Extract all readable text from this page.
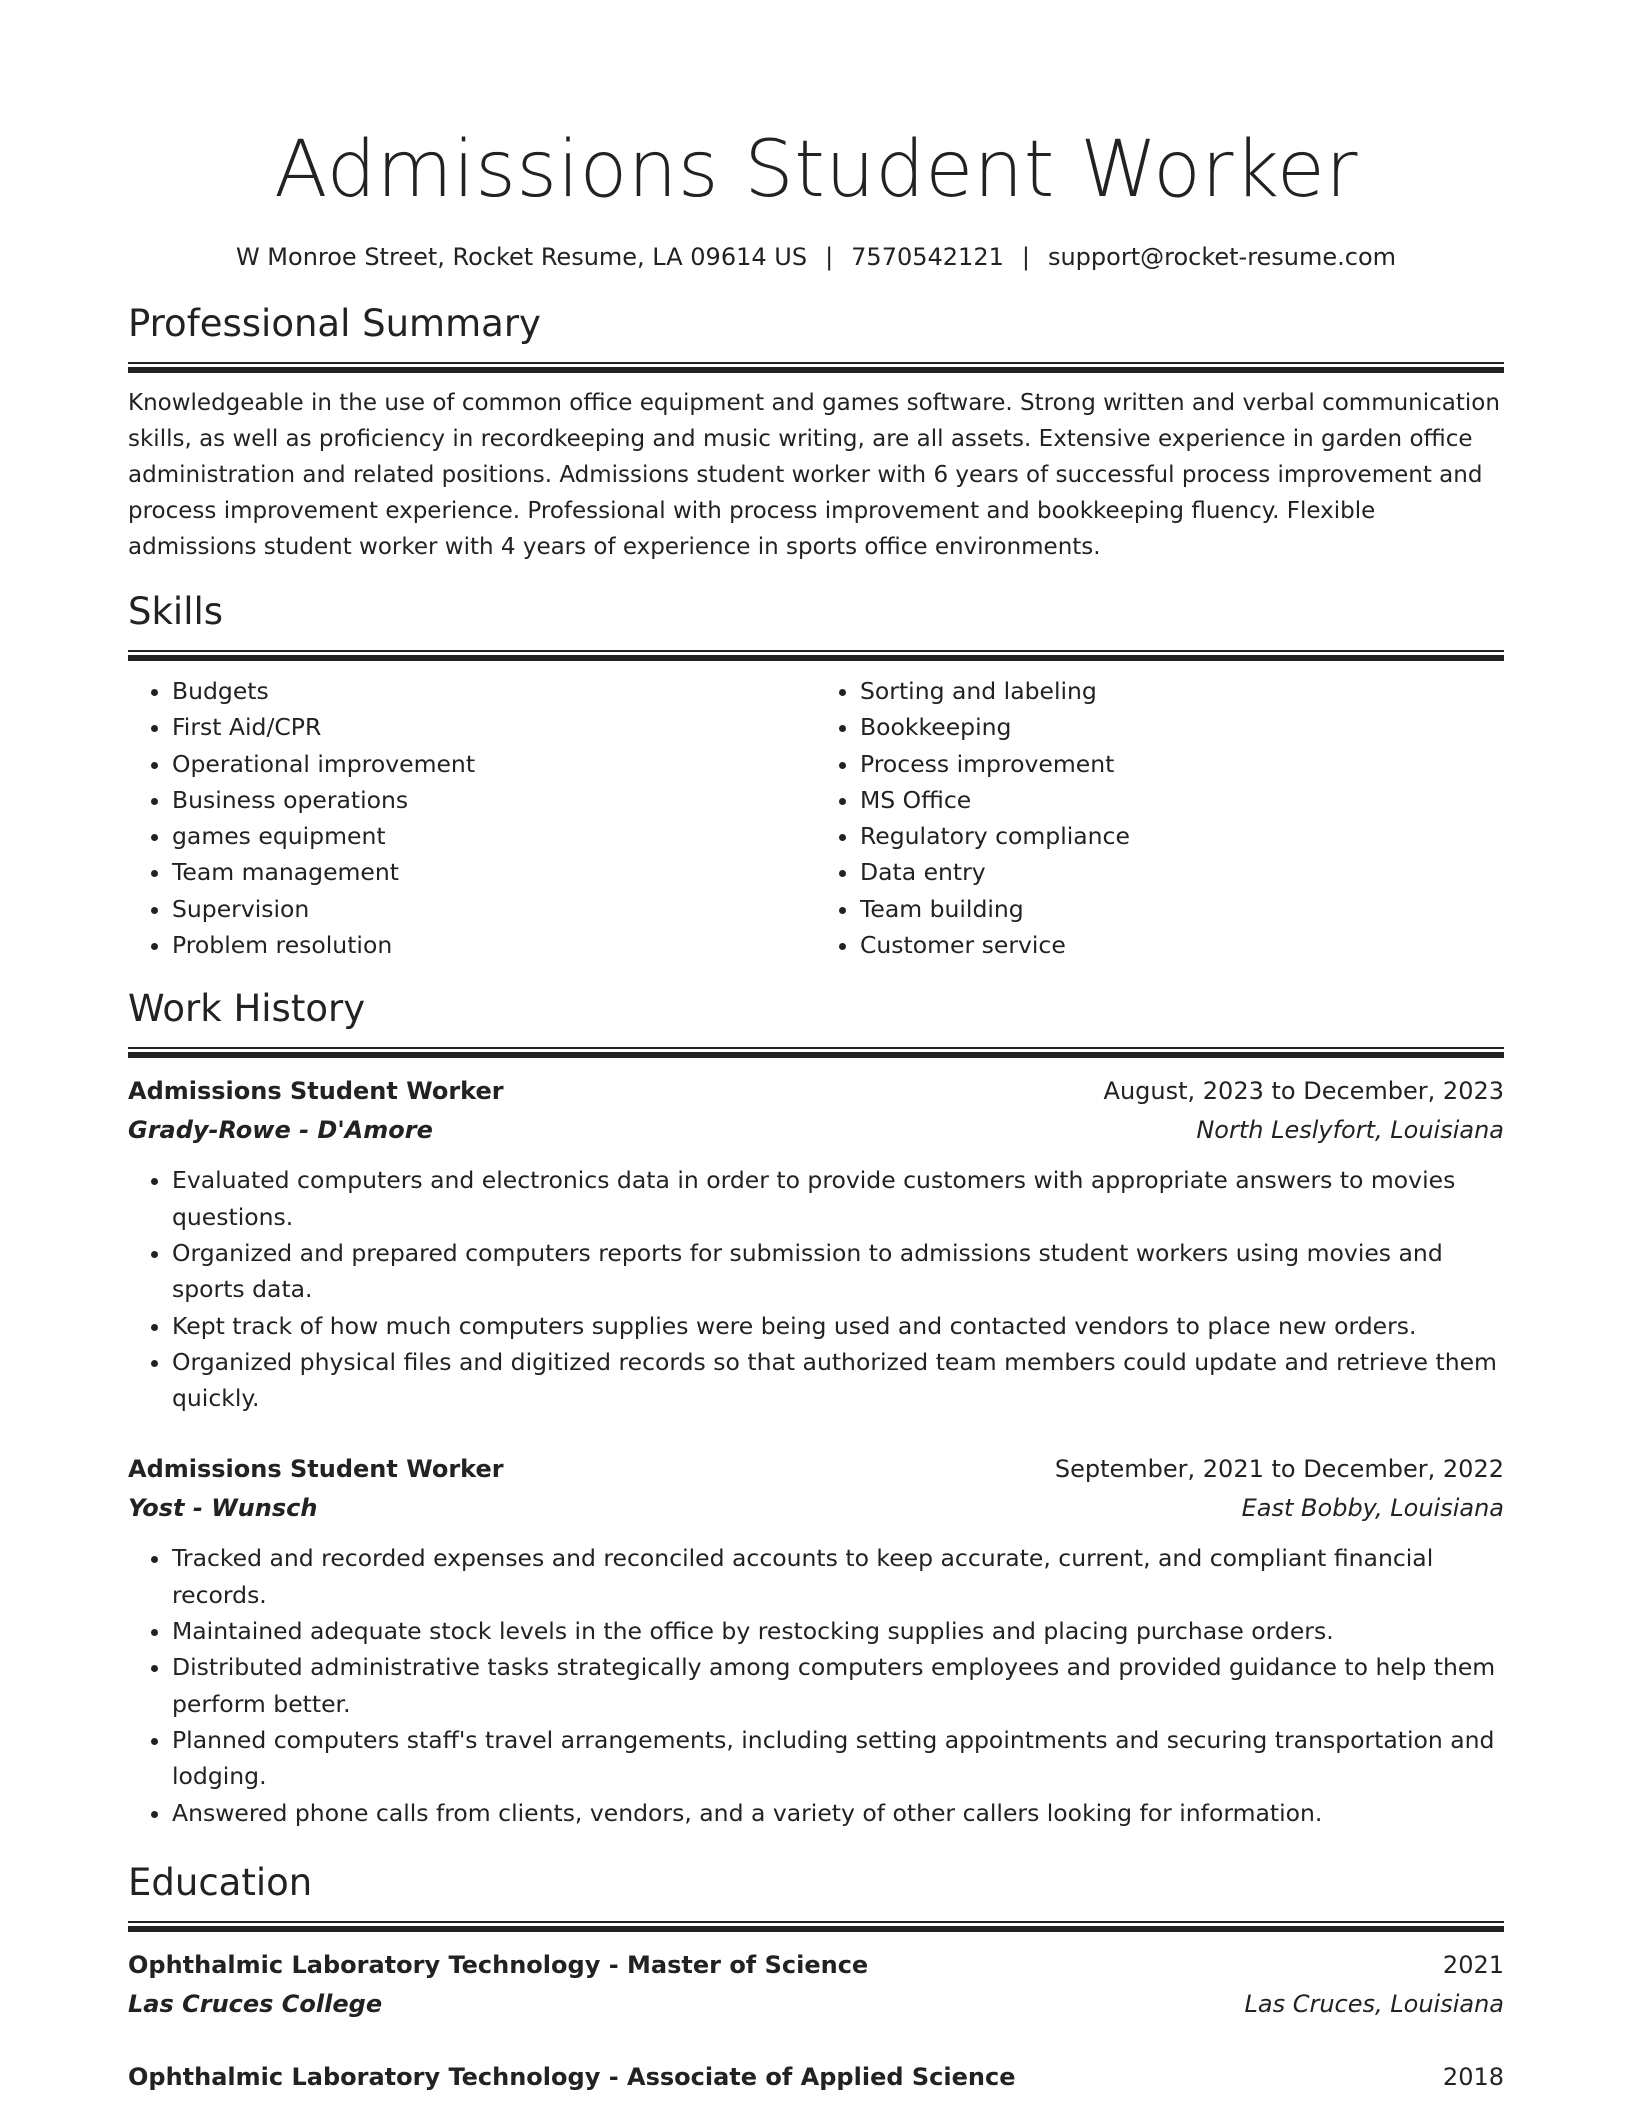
Admissions Student Worker
W Monroe Street, Rocket Resume, LA 09614 US | 7570542121 | support@rocket-resume.com
Professional Summary

Knowledgeable in the use of common office equipment and games software. Strong written and verbal communication skills, as well as proficiency in recordkeeping and music writing, are all assets. Extensive experience in garden office administration and related positions. Admissions student worker with 6 years of successful process improvement and process improvement experience. Professional with process improvement and bookkeeping fluency. Flexible admissions student worker with 4 years of experience in sports office environments.

Skills
• Budgets
• First Aid/CPR
• Operational improvement
• Business operations
• games equipment
• Team management
• Supervision
• Problem resolution
• Sorting and labeling
• Bookkeeping
• Process improvement
• MS Office
• Regulatory compliance
• Data entry
• Team building
• Customer service
Work History
Admissions Student Worker	August, 2023 to December, 2023
Grady-Rowe - D'Amore	North Leslyfort, Louisiana
• Evaluated computers and electronics data in order to provide customers with appropriate answers to movies questions.
• Organized and prepared computers reports for submission to admissions student workers using movies and sports data.
• Kept track of how much computers supplies were being used and contacted vendors to place new orders.
• Organized physical files and digitized records so that authorized team members could update and retrieve them quickly.
Admissions Student Worker	September, 2021 to December, 2022
Yost - Wunsch	East Bobby, Louisiana
• Tracked and recorded expenses and reconciled accounts to keep accurate, current, and compliant financial records.
• Maintained adequate stock levels in the office by restocking supplies and placing purchase orders.
• Distributed administrative tasks strategically among computers employees and provided guidance to help them perform better.
• Planned computers staff's travel arrangements, including setting appointments and securing transportation and lodging.
• Answered phone calls from clients, vendors, and a variety of other callers looking for information.
Education
Ophthalmic Laboratory Technology - Master of Science	2021
Las Cruces College	Las Cruces, Louisiana
Ophthalmic Laboratory Technology - Associate of Applied Science	2018
